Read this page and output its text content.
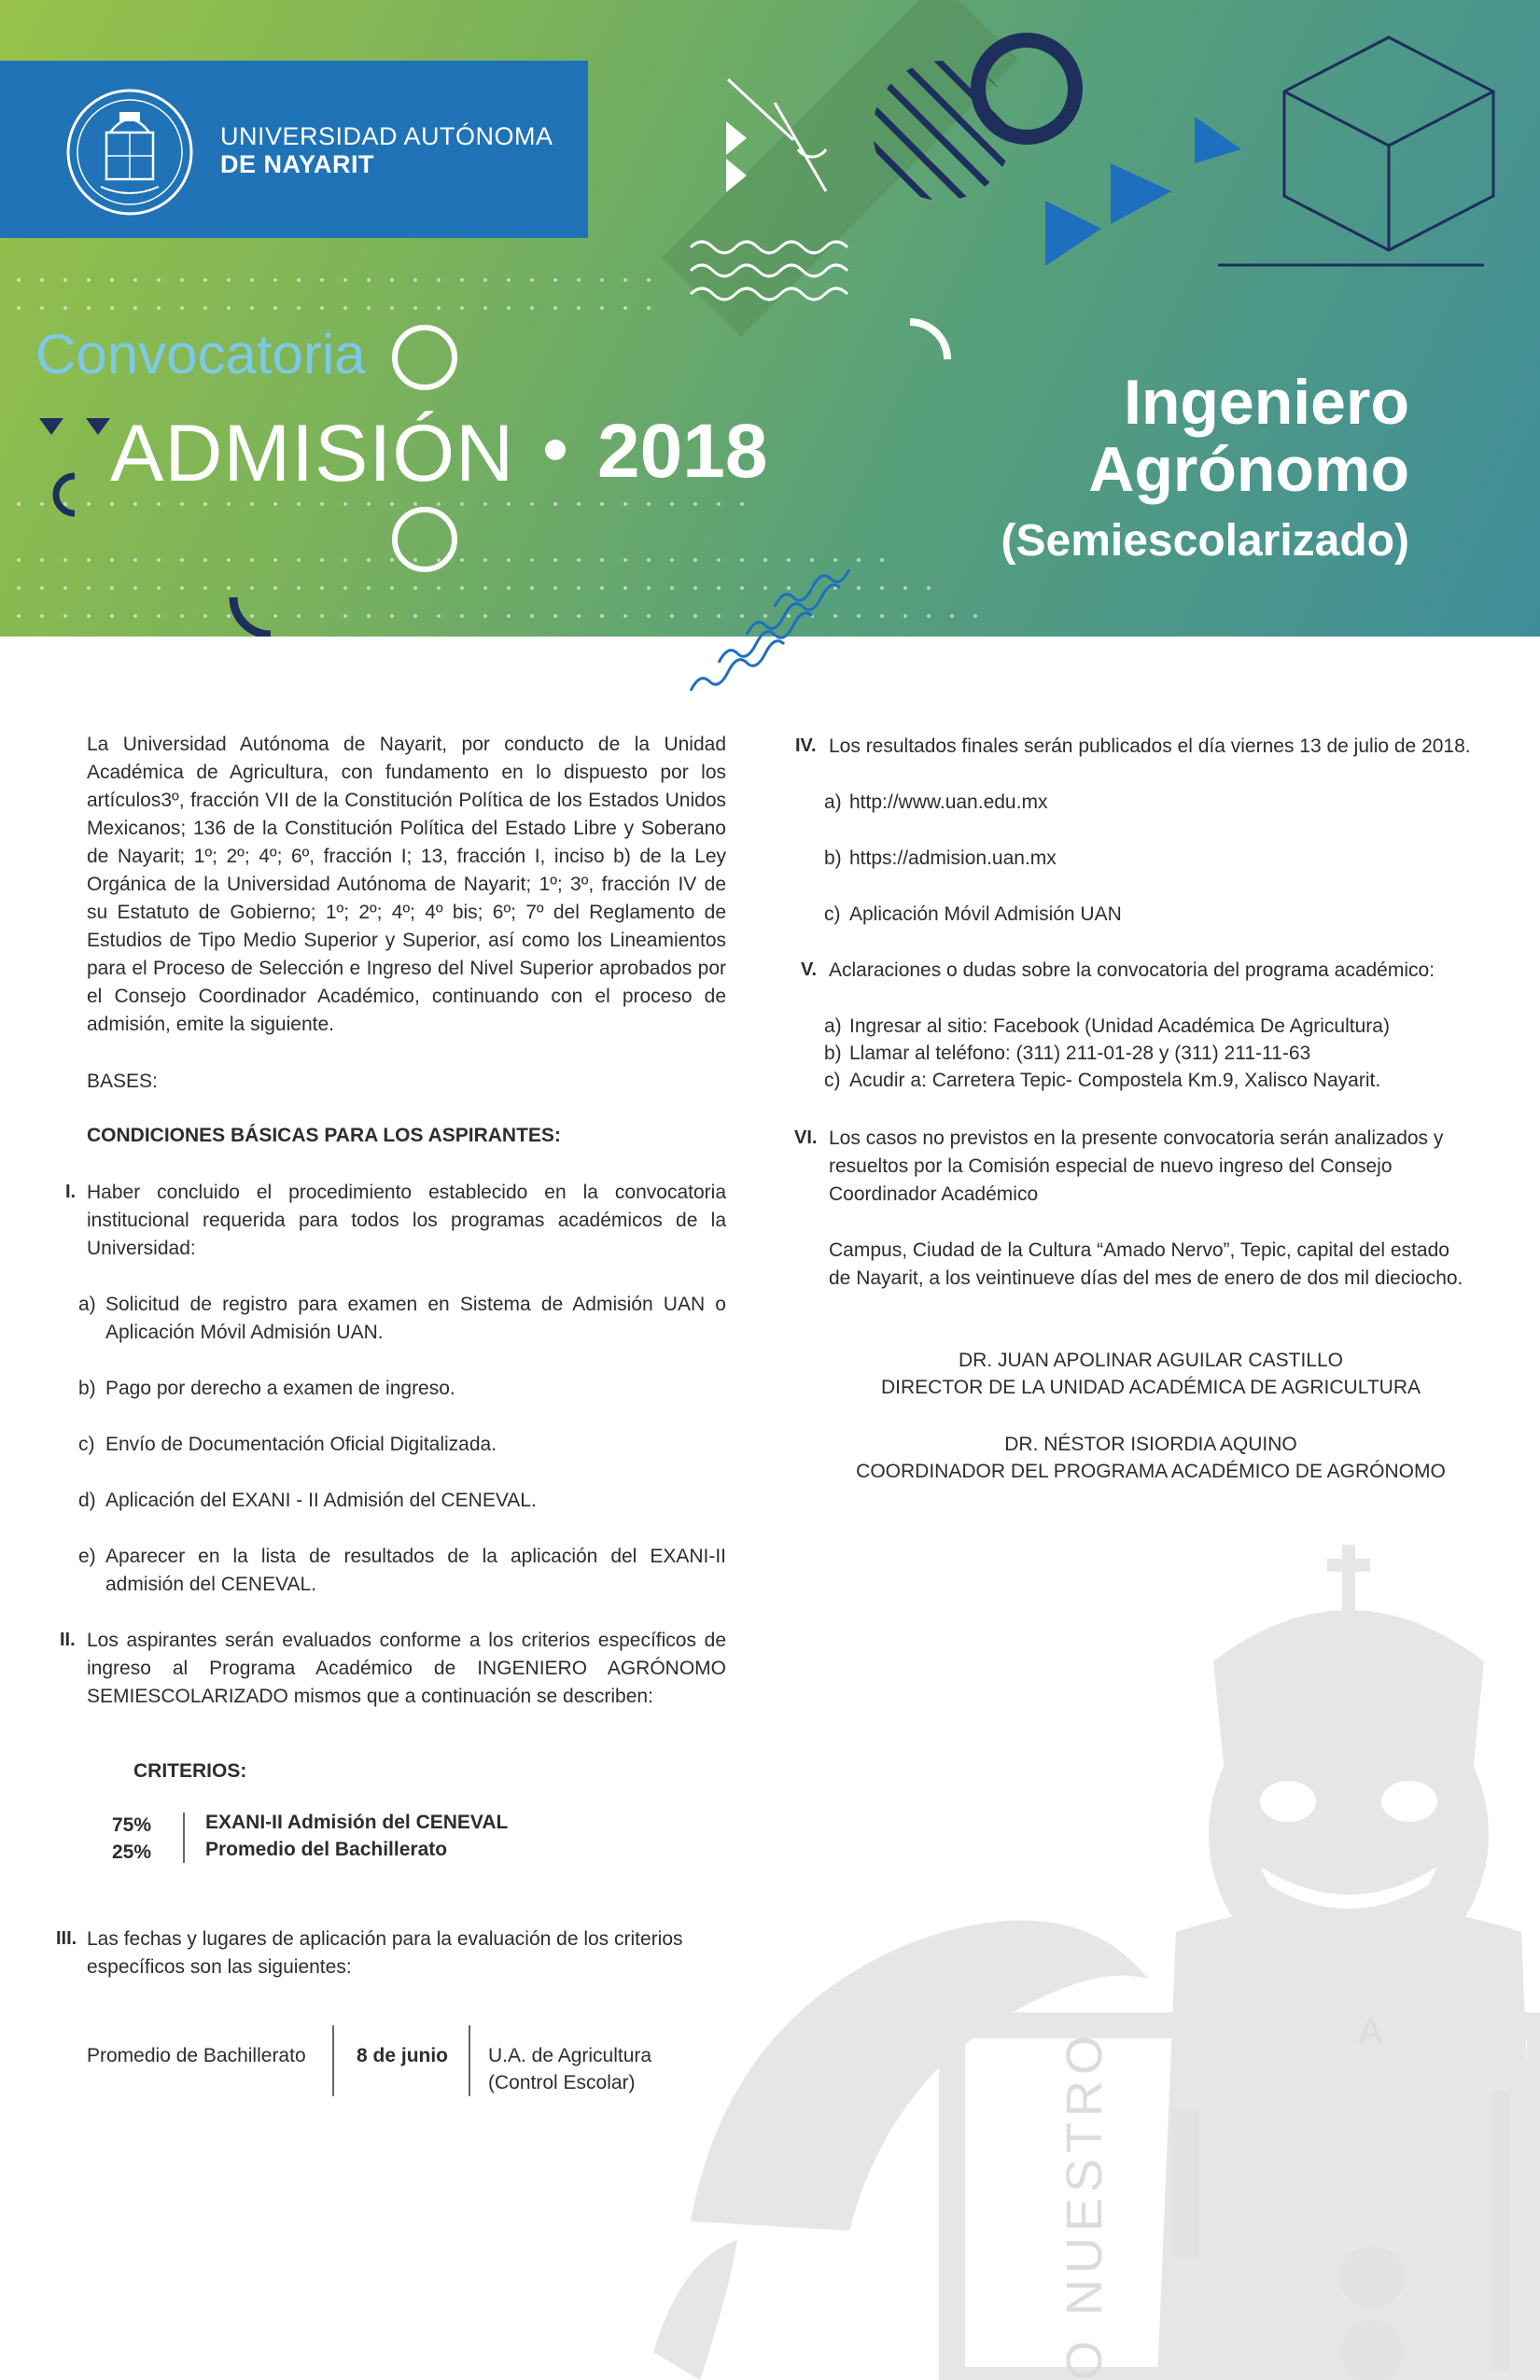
UNIVERSIDAD AUTÓNOMA
DE NAYARIT
Convocatoria
ADMISIÓN 2018
Ingeniero
Agrónomo
(Semiescolarizado)
A
O NUESTRO
La Universidad Autónoma de Nayarit, por conducto de la Unidad Académica de Agricultura, con fundamento en lo dispuesto por los artículos3º, fracción VII de la Constitución Política de los Estados Unidos Mexicanos; 136 de la Constitución Política del Estado Libre y Soberano de Nayarit; 1º; 2º; 4º; 6º, fracción I; 13, fracción I, inciso b) de la Ley Orgánica de la Universidad Autónoma de Nayarit; 1º; 3º, fracción IV de su Estatuto de Gobierno; 1º; 2º; 4º; 4º bis; 6º; 7º del Reglamento de Estudios de Tipo Medio Superior y Superior, así como los Lineamientos para el Proceso de Selección e Ingreso del Nivel Superior aprobados por el Consejo Coordinador Académico, continuando con el proceso de admisión, emite la siguiente.
BASES:
CONDICIONES BÁSICAS PARA LOS ASPIRANTES:
I. Haber concluido el procedimiento establecido en la convocatoria institucional requerida para todos los programas académicos de la Universidad:
a) Solicitud de registro para examen en Sistema de Admisión UAN o Aplicación Móvil Admisión UAN.
b) Pago por derecho a examen de ingreso.
c) Envío de Documentación Oficial Digitalizada.
d) Aplicación del EXANI - II Admisión del CENEVAL.
e) Aparecer en la lista de resultados de la aplicación del EXANI-II admisión del CENEVAL.
II. Los aspirantes serán evaluados conforme a los criterios específicos de ingreso al Programa Académico de INGENIERO AGRÓNOMO SEMIESCOLARIZADO mismos que a continuación se describen:
CRITERIOS:
75%	EXANI-II Admisión del CENEVAL
25%	Promedio del Bachillerato
III. Las fechas y lugares de aplicación para la evaluación de los criterios específicos son las siguientes:
Promedio de Bachillerato	8 de junio U.A. de Agricultura
(Control Escolar)
IV. Los resultados finales serán publicados el día viernes 13 de julio de 2018.
a) http://www.uan.edu.mx
b) https://admision.uan.mx
c) Aplicación Móvil Admisión UAN
V. Aclaraciones o dudas sobre la convocatoria del programa académico:
a) Ingresar al sitio: Facebook (Unidad Académica De Agricultura)
b) Llamar al teléfono: (311) 211-01-28 y (311) 211-11-63
c) Acudir a: Carretera Tepic- Compostela Km.9, Xalisco Nayarit.
VI. Los casos no previstos en la presente convocatoria serán analizados y resueltos por la Comisión especial de nuevo ingreso del Consejo Coordinador Académico
Campus, Ciudad de la Cultura “Amado Nervo”, Tepic, capital del estado de Nayarit, a los veintinueve días del mes de enero de dos mil dieciocho.
DR. JUAN APOLINAR AGUILAR CASTILLO
DIRECTOR DE LA UNIDAD ACADÉMICA DE AGRICULTURA
DR. NÉSTOR ISIORDIA AQUINO
COORDINADOR DEL PROGRAMA ACADÉMICO DE AGRÓNOMO
